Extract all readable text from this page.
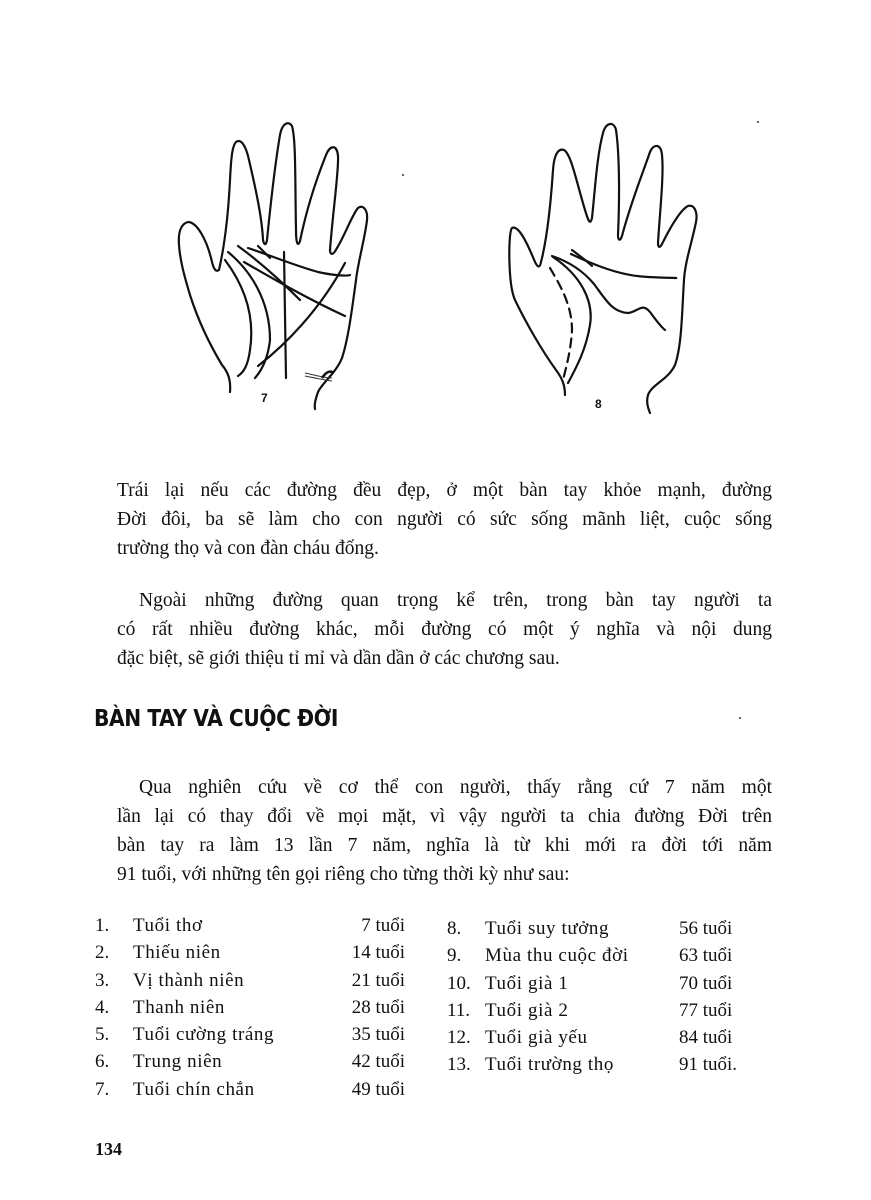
7	8

Trái lại nếu các đường đều đẹp, ở một bàn tay khỏe mạnh, đường
Đời đôi, ba sẽ làm cho con người có sức sống mãnh liệt, cuộc sống
trường thọ và con đàn cháu đống.

Ngoài những đường quan trọng kể trên, trong bàn tay người ta
có rất nhiều đường khác, mỗi đường có một ý nghĩa và nội dung
đặc biệt, sẽ giới thiệu tỉ mỉ và dần dần ở các chương sau.

BÀN TAY VÀ CUỘC ĐỜI

Qua nghiên cứu về cơ thể con người, thấy rằng cứ 7 năm một
lần lại có thay đổi về mọi mặt, vì vậy người ta chia đường Đời trên
bàn tay ra làm 13 lần 7 năm, nghĩa là từ khi mới ra đời tới năm
91 tuổi, với những tên gọi riêng cho từng thời kỳ như sau:

1. Tuổi thơ	7 tuổi
2. Thiếu niên	14 tuổi
3. Vị thành niên	21 tuổi
4. Thanh niên	28 tuổi
5. Tuổi cường tráng	35 tuổi
6. Trung niên	42 tuổi
7. Tuổi chín chắn	49 tuổi
8. Tuổi suy tưởng	56 tuổi
9. Mùa thu cuộc đời	63 tuổi
10. Tuổi già 1	70 tuổi
11. Tuổi già 2	77 tuổi
12. Tuổi già yếu	84 tuổi
13. Tuổi trường thọ	91 tuổi.
134
